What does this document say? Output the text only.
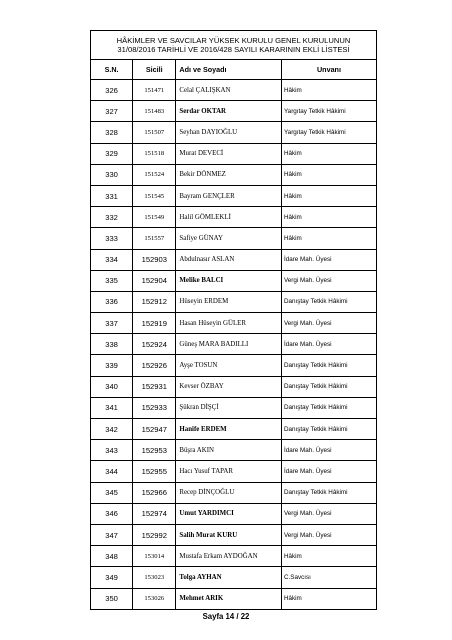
HÂKİMLER VE SAVCILAR YÜKSEK KURULU GENEL KURULUNUN
31/08/2016 TARİHLİ VE 2016/428 SAYILI KARARININ EKLİ LİSTESİ			

S.N.	Sicili	Adı ve Soyadı	Unvanı
326	151471	Celal ÇALIŞKAN	Hâkim
327	151483	Serdar OKTAR	Yargıtay Tetkik Hâkimi
328	151507	Seyhan DAYIOĞLU	Yargıtay Tetkik Hâkimi
329	151518	Murat DEVECİ	Hâkim
330	151524	Bekir DÖNMEZ	Hâkim
331	151545	Bayram GENÇLER	Hâkim
332	151549	Halil GÖMLEKLİ	Hâkim
333	151557	Safiye GÜNAY	Hâkim
334	152903	Abdulnasır ASLAN	İdare Mah. Üyesi
335	152904	Melike BALCI	Vergi Mah. Üyesi
336	152912	Hüseyin ERDEM	Danıştay Tetkik Hâkimi
337	152919	Hasan Hüseyin GÜLER	Vergi Mah. Üyesi
338	152924	Güneş MARA BADILLI	İdare Mah. Üyesi
339	152926	Ayşe TOSUN	Danıştay Tetkik Hâkimi
340	152931	Kevser ÖZBAY	Danıştay Tetkik Hâkimi
341	152933	Şükran DİŞÇİ	Danıştay Tetkik Hâkimi
342	152947	Hanife ERDEM	Danıştay Tetkik Hâkimi
343	152953	Büşra AKIN	İdare Mah. Üyesi
344	152955	Hacı Yusuf TAPAR	İdare Mah. Üyesi
345	152966	Recep DİNÇOĞLU	Danıştay Tetkik Hâkimi
346	152974	Umut YARDIMCI	Vergi Mah. Üyesi
347	152992	Salih Murat KURU	Vergi Mah. Üyesi
348	153014	Mustafa Erkam AYDOĞAN	Hâkim
349	153023	Tolga AYHAN	C.Savcısı
350	153026	Mehmet ARIK	Hâkim
Sayfa 14 / 22
